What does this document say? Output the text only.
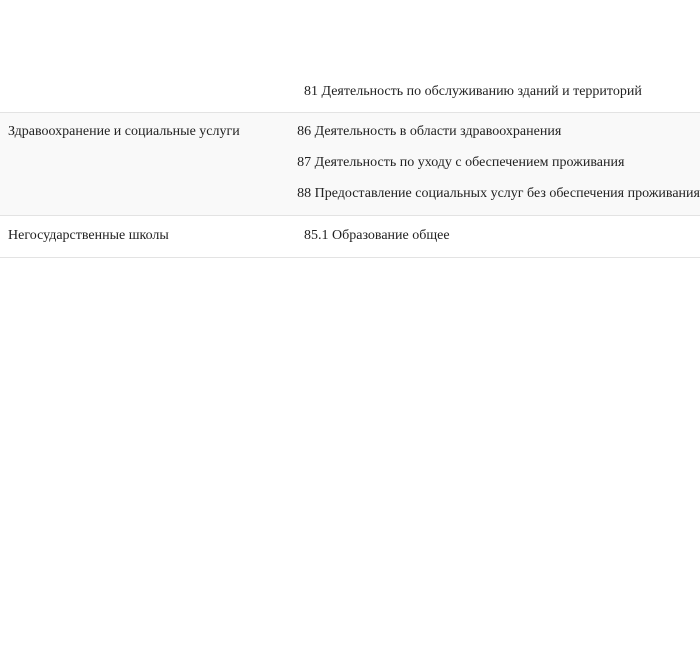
81 Деятельность по обслуживанию зданий и территорий
Здравоохранение и социальные услуги	86 Деятельность в области здравоохранения
87 Деятельность по уходу с обеспечением проживания
88 Предоставление социальных услуг без обеспечения проживания
Негосударственные школы	85.1 Образование общее
